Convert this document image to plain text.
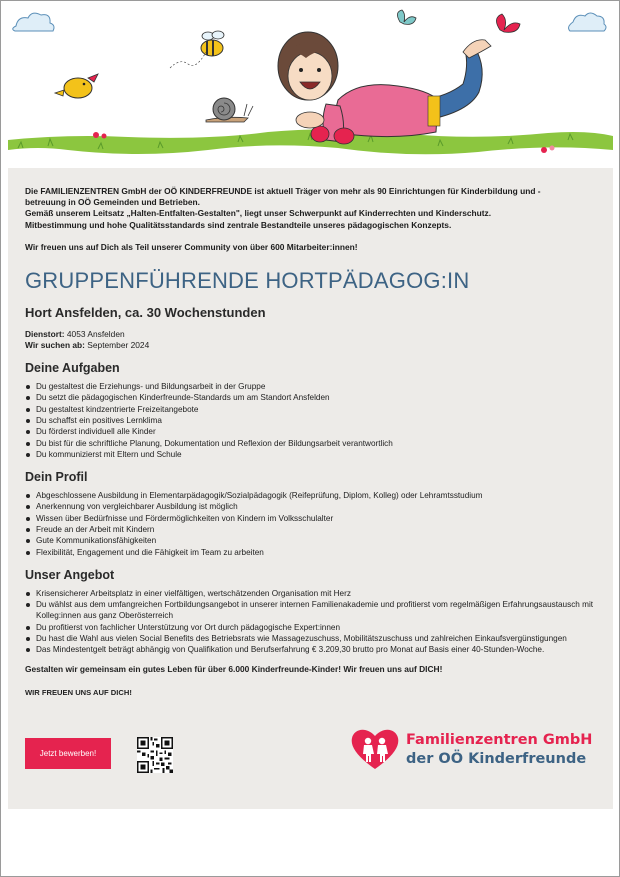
Die FAMILIENZENTREN GmbH der OÖ KINDERFREUNDE ist aktuell Träger von mehr als 90 Einrichtungen für Kinderbildung und -

betreuung in OÖ Gemeinden und Betrieben.

Gemäß unserem Leitsatz „Halten-Entfalten-Gestalten", liegt unser Schwerpunkt auf Kinderrechten und Kinderschutz.

Mitbestimmung und hohe Qualitätsstandards sind zentrale Bestandteile unseres pädagogischen Konzepts.

Wir freuen uns auf Dich als Teil unserer Community von über 600 Mitarbeiter:innen!

GRUPPENFÜHRENDE HORTPÄDAGOG:IN
Hort Ansfelden, ca. 30 Wochenstunden
Dienstort: 4053 Ansfelden
Wir suchen ab: September 2024
Deine Aufgaben
Du gestaltest die Erziehungs- und Bildungsarbeit in der Gruppe
Du setzt die pädagogischen Kinderfreunde-Standards um am Standort Ansfelden
Du gestaltest kindzentrierte Freizeitangebote
Du schaffst ein positives Lernklima
Du förderst individuell alle Kinder
Du bist für die schriftliche Planung, Dokumentation und Reflexion der Bildungsarbeit verantwortlich
Du kommunizierst mit Eltern und Schule
Dein Profil
Abgeschlossene Ausbildung in Elementarpädagogik/Sozialpädagogik (Reifeprüfung, Diplom, Kolleg) oder Lehramtsstudium
Anerkennung von vergleichbarer Ausbildung ist möglich
Wissen über Bedürfnisse und Fördermöglichkeiten von Kindern im Volksschulalter
Freude an der Arbeit mit Kindern
Gute Kommunikationsfähigkeiten
Flexibilität, Engagement und die Fähigkeit im Team zu arbeiten
Unser Angebot
Krisensicherer Arbeitsplatz in einer vielfältigen, wertschätzenden Organisation mit Herz
Du wählst aus dem umfangreichen Fortbildungsangebot in unserer internen Familienakademie und profitierst vom regelmäßigen Erfahrungsaustausch mit Kolleg:innen aus ganz Oberösterreich
Du profitierst von fachlicher Unterstützung vor Ort durch pädagogische Expert:innen
Du hast die Wahl aus vielen Social Benefits des Betriebsrats wie Massagezuschuss, Mobilitätszuschuss und zahlreichen Einkaufsvergünstigungen
Das Mindestentgelt beträgt abhängig von Qualifikation und Berufserfahrung € 3.209,30 brutto pro Monat auf Basis einer 40-Stunden-Woche.

Gestalten wir gemeinsam ein gutes Leben für über 6.000 Kinderfreunde-Kinder! Wir freuen uns auf DICH!

WIR FREUEN UNS AUF DICH!

Jetzt bewerben!
Familienzentren GmbH
der OÖ Kinderfreunde
